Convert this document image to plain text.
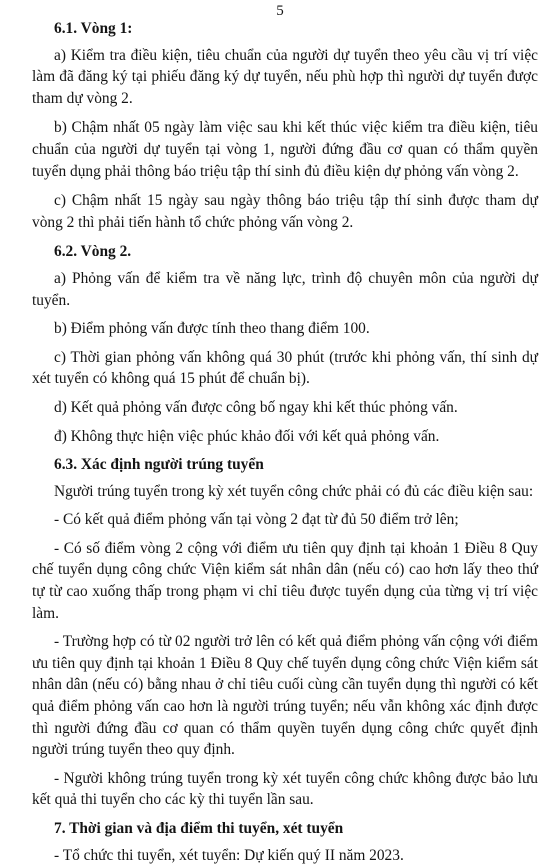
5

6.1. Vòng 1:

a) Kiểm tra điều kiện, tiêu chuẩn của người dự tuyển theo yêu cầu vị trí việc làm đã đăng ký tại phiếu đăng ký dự tuyển, nếu phù hợp thì người dự tuyển được tham dự vòng 2.

b) Chậm nhất 05 ngày làm việc sau khi kết thúc việc kiểm tra điều kiện, tiêu chuẩn của người dự tuyển tại vòng 1, người đứng đầu cơ quan có thẩm quyền tuyển dụng phải thông báo triệu tập thí sinh đủ điều kiện dự phỏng vấn vòng 2.

c) Chậm nhất 15 ngày sau ngày thông báo triệu tập thí sinh được tham dự vòng 2 thì phải tiến hành tổ chức phỏng vấn vòng 2.

6.2. Vòng 2.

a) Phỏng vấn để kiểm tra về năng lực, trình độ chuyên môn của người dự tuyển.

b) Điểm phỏng vấn được tính theo thang điểm 100.

c) Thời gian phỏng vấn không quá 30 phút (trước khi phỏng vấn, thí sinh dự xét tuyển có không quá 15 phút để chuẩn bị).

d) Kết quả phỏng vấn được công bố ngay khi kết thúc phỏng vấn.

đ) Không thực hiện việc phúc khảo đối với kết quả phỏng vấn.

6.3. Xác định người trúng tuyển

Người trúng tuyển trong kỳ xét tuyển công chức phải có đủ các điều kiện sau:

- Có kết quả điểm phỏng vấn tại vòng 2 đạt từ đủ 50 điểm trở lên;

- Có số điểm vòng 2 cộng với điểm ưu tiên quy định tại khoản 1 Điều 8 Quy chế tuyển dụng công chức Viện kiểm sát nhân dân (nếu có) cao hơn lấy theo thứ tự từ cao xuống thấp trong phạm vi chỉ tiêu được tuyển dụng của từng vị trí việc làm.

- Trường hợp có từ 02 người trở lên có kết quả điểm phỏng vấn cộng với điểm ưu tiên quy định tại khoản 1 Điều 8 Quy chế tuyển dụng công chức Viện kiểm sát nhân dân (nếu có) bằng nhau ở chỉ tiêu cuối cùng cần tuyển dụng thì người có kết quả điểm phỏng vấn cao hơn là người trúng tuyển; nếu vẫn không xác định được thì người đứng đầu cơ quan có thẩm quyền tuyển dụng công chức quyết định người trúng tuyển theo quy định.

- Người không trúng tuyển trong kỳ xét tuyển công chức không được bảo lưu kết quả thi tuyển cho các kỳ thi tuyển lần sau.

7. Thời gian và địa điểm thi tuyển, xét tuyển

- Tổ chức thi tuyển, xét tuyển: Dự kiến quý II năm 2023.
